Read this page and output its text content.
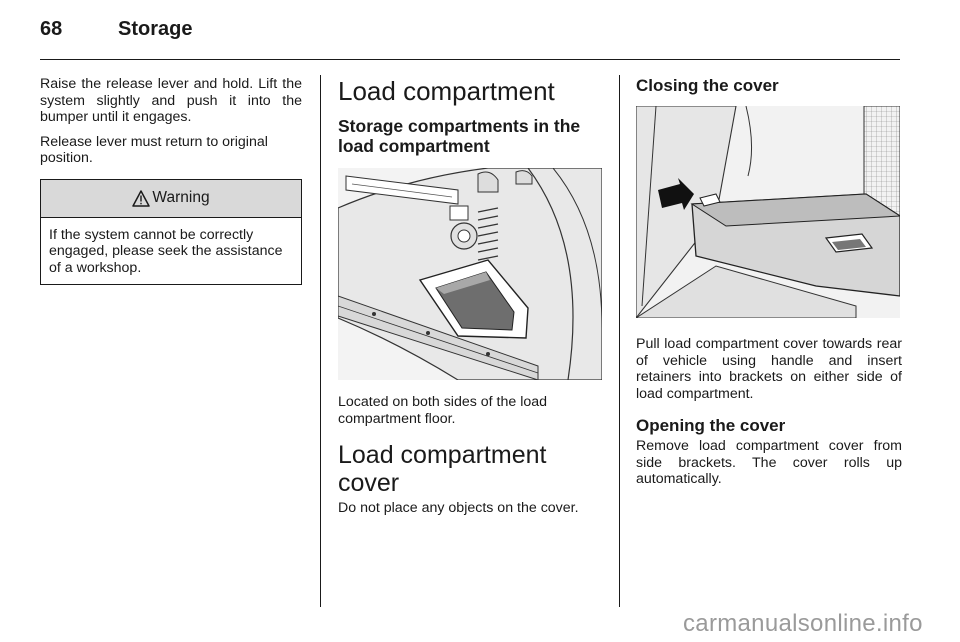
68	Storage

Raise the release lever and hold. Lift the system slightly and push it into the bumper until it engages.

Release lever must return to original position.

Warning
If the system cannot be correctly engaged, please seek the assistance of a workshop.
Load compartment
Storage compartments in the load compartment

Located on both sides of the load compartment floor.

Load compartment cover

Do not place any objects on the cover.

Closing the cover

Pull load compartment cover towards rear of vehicle using handle and insert retainers into brackets on either side of load compartment.

Opening the cover

Remove load compartment cover from side brackets. The cover rolls up automatically.

carmanualsonline.info
